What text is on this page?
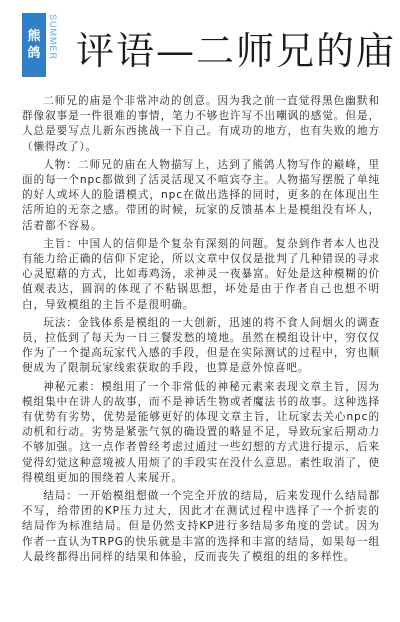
熊
鸽 SUMMER 评语—二师兄的庙

二师兄的庙是个非常冲动的创意。因为我之前一直觉得黑色幽默和群像叙事是一件很难的事情，笔力不够也许写不出嘲讽的感觉。但是，人总是要写点儿新东西挑战一下自己。有成功的地方，也有失败的地方（懒得改了）。

人物：二师兄的庙在人物描写上，达到了熊鸽人物写作的巅峰，里面的每一个npc都做到了活灵活现又不喧宾夺主。人物描写摆脱了单纯的好人或坏人的脸谱模式，npc在做出选择的同时，更多的在体现出生活所迫的无奈之感。带团的时候，玩家的反馈基本上是模组没有坏人，活着都不容易。

主旨：中国人的信仰是个复杂有深刻的问题。复杂到作者本人也没有能力给正确的信仰下定论，所以文章中仅仅是批判了几种错误的寻求心灵慰藉的方式，比如毒鸡汤，求神灵一夜暴富。好处是这种模糊的价值观表达，圆润的体现了不粘锅思想，坏处是由于作者自己也想不明白，导致模组的主旨不是很明确。

玩法：金钱体系是模组的一大创新，迅速的将不食人间烟火的调查员，拉低到了每天为一日三餐发愁的境地。虽然在模组设计中，穷仅仅作为了一个提高玩家代入感的手段，但是在实际测试的过程中，穷也顺便成为了限制玩家线索获取的手段，也算是意外惊喜吧。

神秘元素：模组用了一个非常低的神秘元素来表现文章主旨，因为模组集中在讲人的故事，而不是神话生物或者魔法书的故事。这种选择有优势有劣势，优势是能够更好的体现文章主旨，让玩家去关心npc的动机和行动。劣势是紧张气氛的确设置的略显不足，导致玩家后期动力不够加强。这一点作者曾经考虑过通过一些幻想的方式进行提示，后来觉得幻觉这种意境被人用烦了的手段实在没什么意思。素性取消了，使得模组更加的围绕着人来展开。

结局：一开始模组想做一个完全开放的结局，后来发现什么结局都不写，给带团的KP压力过大，因此才在测试过程中选择了一个折衷的结局作为标准结局。但是仍然支持KP进行多结局多角度的尝试。因为作者一直认为TRPG的快乐就是丰富的选择和丰富的结局，如果每一组人最终都得出同样的结果和体验，反而丧失了模组的组的多样性。
